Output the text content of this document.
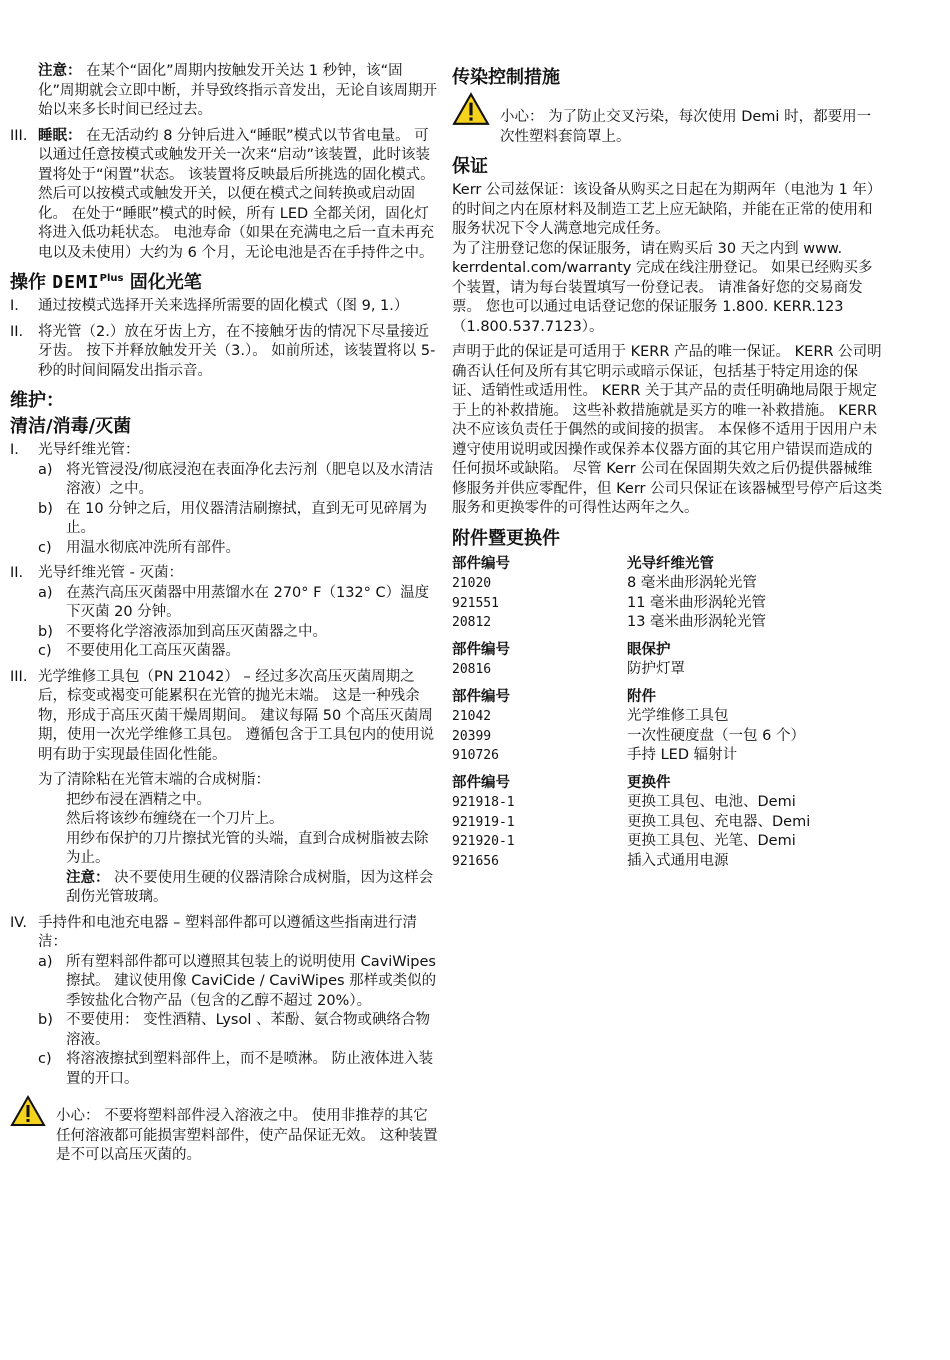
注意： 在某个“固化”周期内按触发开关达 1 秒钟，该“固化”周期就会立即中断，并导致终指示音发出，无论自该周期开始以来多长时间已经过去。
III. 睡眠： 在无活动约 8 分钟后进入“睡眠”模式以节省电量。 可以通过任意按模式或触发开关一次来“启动”该装置，此时该装置将处于“闲置”状态。 该装置将反映最后所挑选的固化模式。 然后可以按模式或触发开关，以便在模式之间转换或启动固化。 在处于“睡眠”模式的时候，所有 LED 全都关闭，固化灯将进入低功耗状态。 电池寿命（如果在充满电之后一直未再充电以及未使用）大约为 6 个月，无论电池是否在手持件之中。
操作 $DEMI^{Plus}$ 固化光笔
I.	通过按模式选择开关来选择所需要的固化模式（图 9, 1.）
II.	将光管（2.）放在牙齿上方，在不接触牙齿的情况下尽量接近牙齿。 按下并释放触发开关（3.）。 如前所述，该装置将以 5-秒的时间间隔发出指示音。
维护：
清洁/消毒/灭菌
I.	光导纤维光管：
a) 将光管浸没/彻底浸泡在表面净化去污剂（肥皂以及水清洁溶液）之中。
b) 在 10 分钟之后，用仪器清洁刷擦拭，直到无可见碎屑为止。
c) 用温水彻底冲洗所有部件。
II.	光导纤维光管 - 灭菌：
a) 在蒸汽高压灭菌器中用蒸馏水在 270° F（132° C）温度下灭菌 20 分钟。
b) 不要将化学溶液添加到高压灭菌器之中。
c) 不要使用化工高压灭菌器。
III. 光学维修工具包（PN 21042） – 经过多次高压灭菌周期之后，棕变或褐变可能累积在光管的抛光末端。 这是一种残余物，形成于高压灭菌干燥周期间。 建议每隔 50 个高压灭菌周期，使用一次光学维修工具包。 遵循包含于工具包内的使用说明有助于实现最佳固化性能。
为了清除粘在光管末端的合成树脂：
把纱布浸在酒精之中。
然后将该纱布缠绕在一个刀片上。
用纱布保护的刀片擦拭光管的头端，直到合成树脂被去除为止。
注意： 决不要使用生硬的仪器清除合成树脂，因为这样会刮伤光管玻璃。
IV. 手持件和电池充电器 – 塑料部件都可以遵循这些指南进行清洁：
a) 所有塑料部件都可以遵照其包装上的说明使用 CaviWipes 擦拭。 建议使用像 CaviCide / CaviWipes 那样或类似的季铵盐化合物产品（包含的乙醇不超过 20%）。
b) 不要使用： 变性酒精、Lysol 、苯酚、氨合物或碘络合物溶液。
c) 将溶液擦拭到塑料部件上，而不是喷淋。 防止液体进入装置的开口。
小心： 不要将塑料部件浸入溶液之中。 使用非推荐的其它任何溶液都可能损害塑料部件，使产品保证无效。 这种装置是不可以高压灭菌的。
传染控制措施
小心： 为了防止交叉污染，每次使用 Demi 时，都要用一次性塑料套筒罩上。
保证
Kerr 公司兹保证：该设备从购买之日起在为期两年（电池为 1 年）的时间之内在原材料及制造工艺上应无缺陷，并能在正常的使用和服务状况下令人满意地完成任务。
为了注册登记您的保证服务，请在购买后 30 天之内到 www. kerrdental.com/warranty 完成在线注册登记。 如果已经购买多个装置，请为每台装置填写一份登记表。 请准备好您的交易商发票。 您也可以通过电话登记您的保证服务 1.800. KERR.123（1.800.537.7123）。
声明于此的保证是可适用于 KERR 产品的唯一保证。 KERR 公司明确否认任何及所有其它明示或暗示保证，包括基于特定用途的保证、适销性或适用性。 KERR 关于其产品的责任明确地局限于规定于上的补救措施。 这些补救措施就是买方的唯一补救措施。 KERR 决不应该负责任于偶然的或间接的损害。 本保修不适用于因用户未遵守使用说明或因操作或保养本仪器方面的其它用户错误而造成的任何损坏或缺陷。 尽管 Kerr 公司在保固期失效之后仍提供器械维修服务并供应零配件，但 Kerr 公司只保证在该器械型号停产后这类服务和更换零件的可得性达两年之久。
附件暨更换件
部件编号	光导纤维光管
21020	8 毫米曲形涡轮光管
921551	11 毫米曲形涡轮光管
20812	13 毫米曲形涡轮光管
部件编号	眼保护
20816	防护灯罩
部件编号	附件
21042	光学维修工具包
20399	一次性硬度盘（一包 6 个）
910726	手持 LED 辐射计
部件编号	更换件
921918-1	更换工具包、电池、Demi
921919-1	更换工具包、充电器、Demi
921920-1	更换工具包、光笔、Demi
921656	插入式通用电源
